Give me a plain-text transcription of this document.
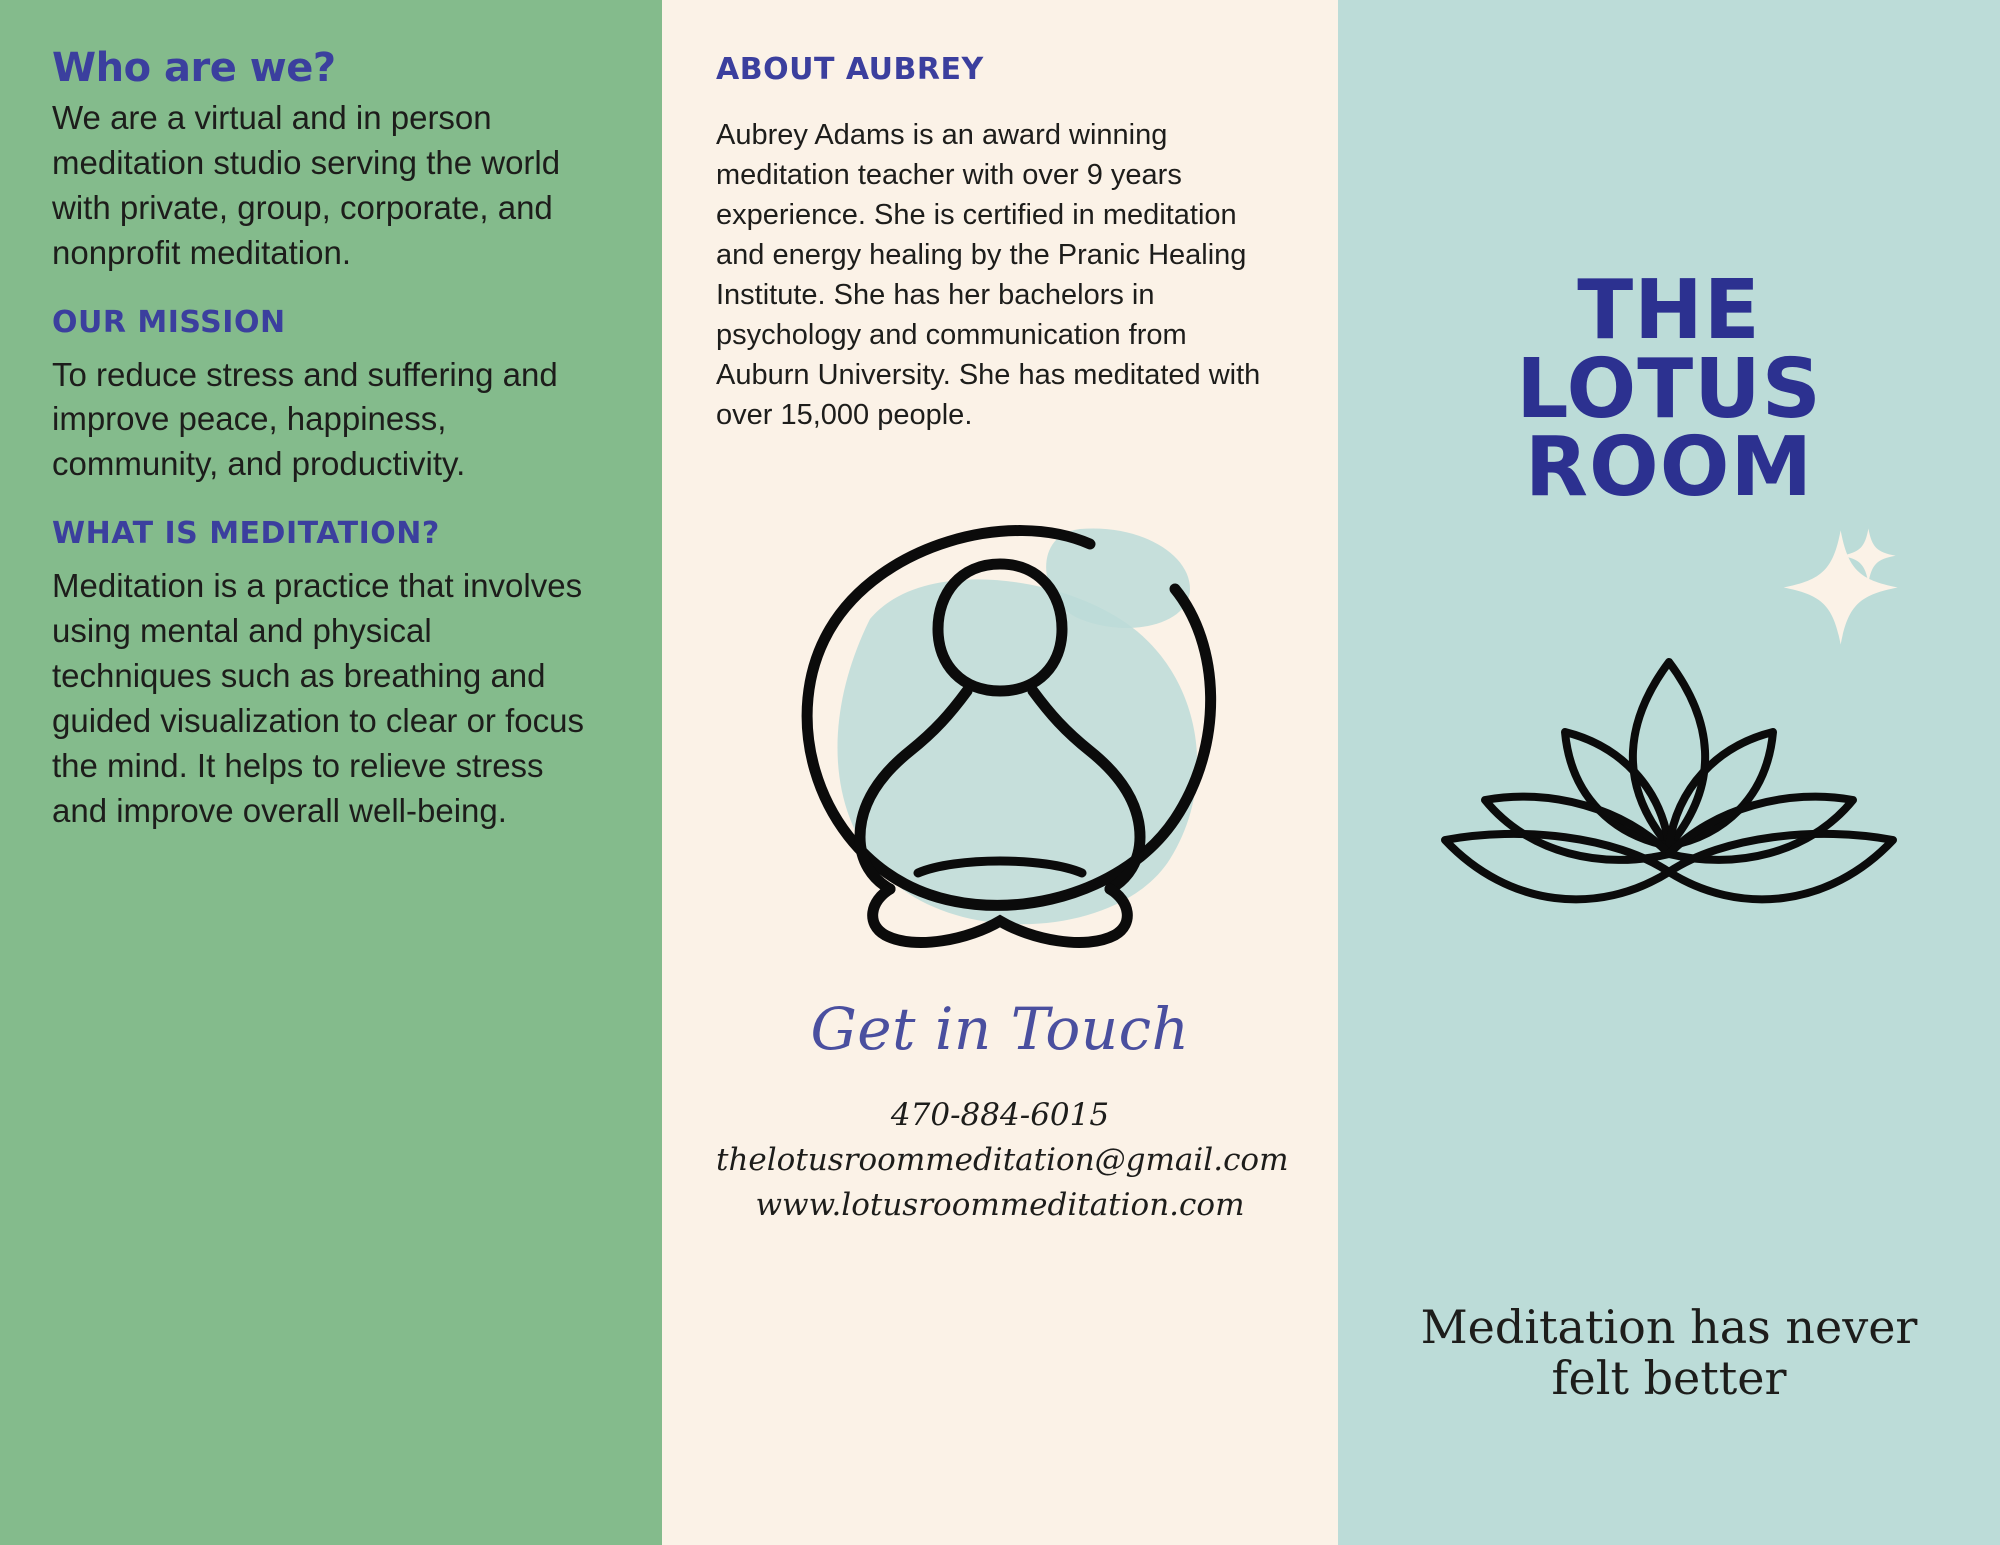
Who are we?

We are a virtual and in person meditation studio serving the world with private, group, corporate, and nonprofit meditation.

OUR MISSION

To reduce stress and suffering and improve peace, happiness, community, and productivity.

WHAT IS MEDITATION?

Meditation is a practice that involves using mental and physical techniques such as breathing and guided visualization to clear or focus the mind. It helps to relieve stress and improve overall well-being.

ABOUT AUBREY

Aubrey Adams is an award winning meditation teacher with over 9 years experience. She is certified in meditation and energy healing by the Pranic Healing Institute. She has her bachelors in psychology and communication from Auburn University. She has meditated with over 15,000 people.

Get in Touch
470-884-6015
thelotusroommeditation@gmail.com
www.lotusroommeditation.com
THE
LOTUS
ROOM
Meditation has never
felt better
